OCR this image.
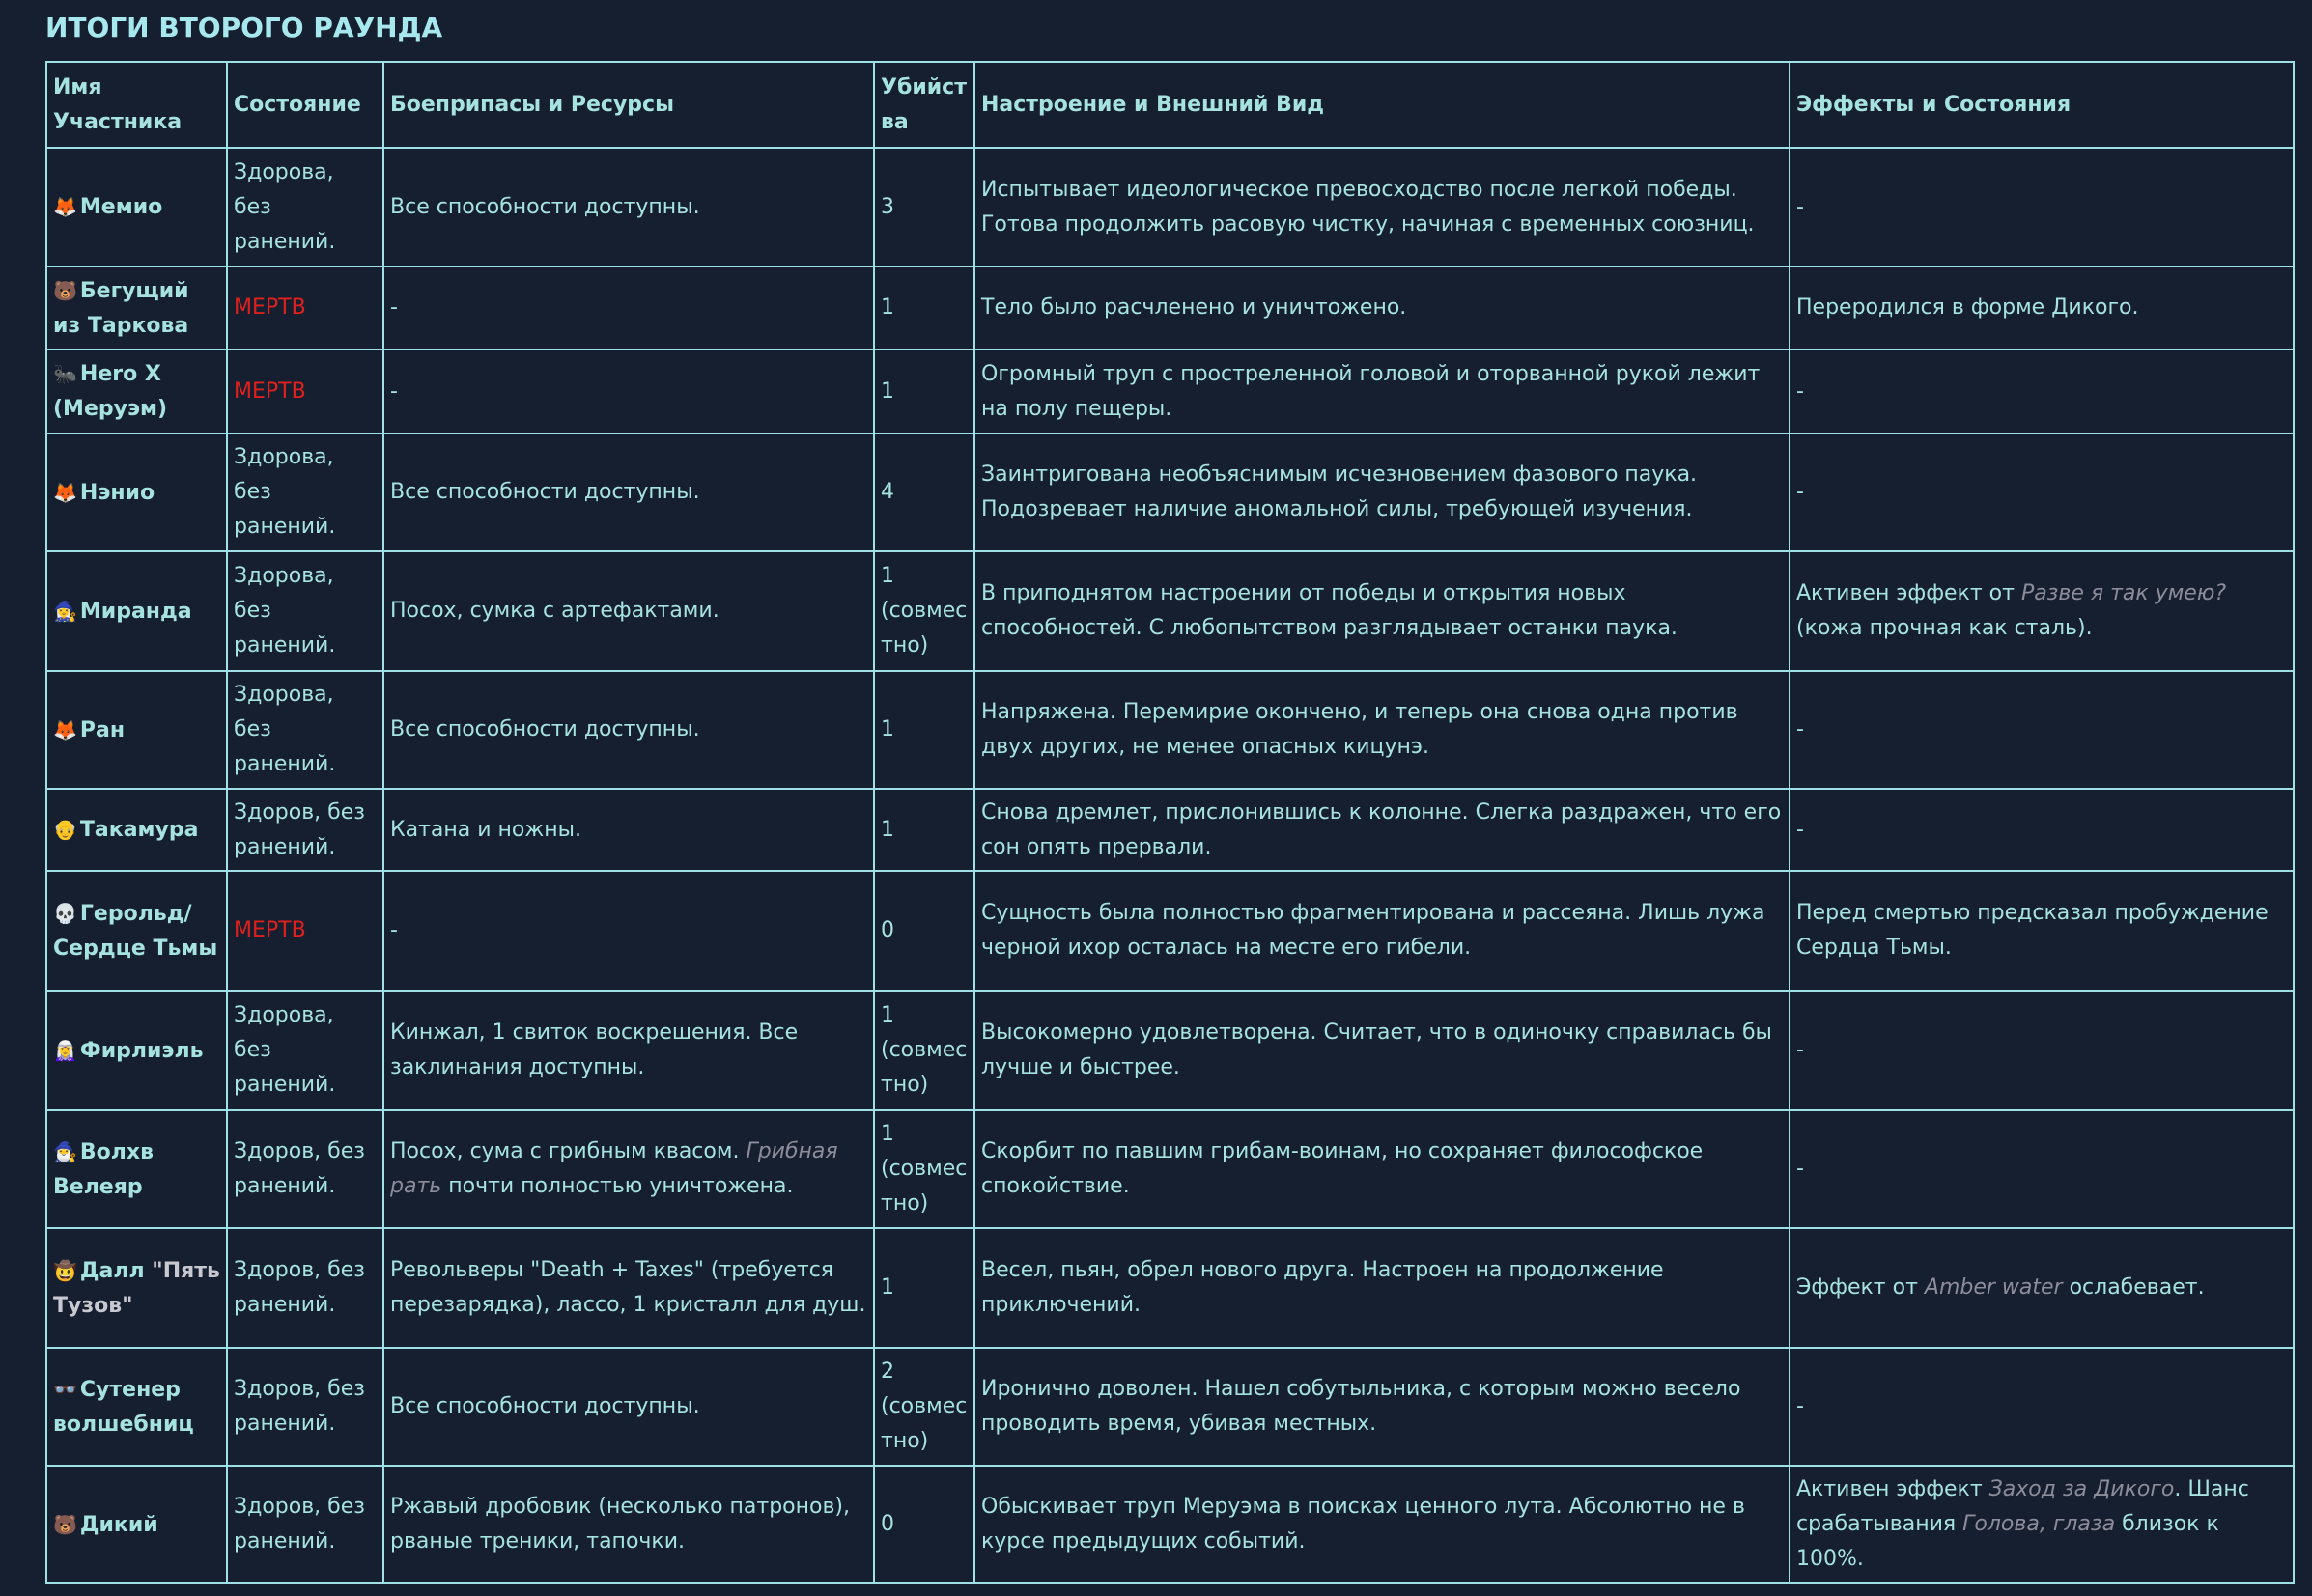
ИТОГИ ВТОРОГО РАУНДА
Имя Участника	Состояние	Боеприпасы и Ресурсы	Убийства	Настроение и Внешний Вид	Эффекты и Состояния
🦊 Мемио	Здорова, без ранений.	Все способности доступны.	3	Испытывает идеологическое превосходство после легкой победы. Готова продолжить расовую чистку, начиная с временных союзниц.	-
🐻 Бегущий из Таркова	МЕРТВ	-	1	Тело было расчленено и уничтожено.	Переродился в форме Дикого.
🐜 Hero X (Меруэм)	МЕРТВ	-	1	Огромный труп с простреленной головой и оторванной рукой лежит на полу пещеры.	-
🦊 Нэнио	Здорова, без ранений.	Все способности доступны.	4	Заинтригована необъяснимым исчезновением фазового паука. Подозревает наличие аномальной силы, требующей изучения.	-
🧙‍♀️ Миранда	Здорова, без ранений.	Посох, сумка с артефактами.	1 (совместно)	В приподнятом настроении от победы и открытия новых способностей. С любопытством разглядывает останки паука.	Активен эффект от Разве я так умею? (кожа прочная как сталь).
🦊 Ран	Здорова, без ранений.	Все способности доступны.	1	Напряжена. Перемирие окончено, и теперь она снова одна против двух других, не менее опасных кицунэ.	-
👴 Такамура	Здоров, без ранений.	Катана и ножны.	1	Снова дремлет, прислонившись к колонне. Слегка раздражен, что его сон опять прервали.	-
💀 Герольд/ Сердце Тьмы	МЕРТВ	-	0	Сущность была полностью фрагментирована и рассеяна. Лишь лужа черной ихор осталась на месте его гибели.	Перед смертью предсказал пробуждение Сердца Тьмы.
🧝‍♀️ Фирлиэль	Здорова, без ранений.	Кинжал, 1 свиток воскрешения. Все заклинания доступны.	1 (совместно)	Высокомерно удовлетворена. Считает, что в одиночку справилась бы лучше и быстрее.	-
🧙‍♂️ Волхв Велеяр	Здоров, без ранений.	Посох, сума с грибным квасом. Грибная рать почти полностью уничтожена.	1 (совместно)	Скорбит по павшим грибам-воинам, но сохраняет философское спокойствие.	-
🤠 Далл "Пять Тузов"	Здоров, без ранений.	Револьверы "Death + Taxes" (требуется перезарядка), лассо, 1 кристалл для душ.	1	Весел, пьян, обрел нового друга. Настроен на продолжение приключений.	Эффект от Amber water ослабевает.
👓 Сутенер волшебниц	Здоров, без ранений.	Все способности доступны.	2 (совместно)	Иронично доволен. Нашел собутыльника, с которым можно весело проводить время, убивая местных.	-
🐻 Дикий	Здоров, без ранений.	Ржавый дробовик (несколько патронов), рваные треники, тапочки.	0	Обыскивает труп Меруэма в поисках ценного лута. Абсолютно не в курсе предыдущих событий.	Активен эффект Заход за Дикого. Шанс срабатывания Голова, глаза близок к 100%.
